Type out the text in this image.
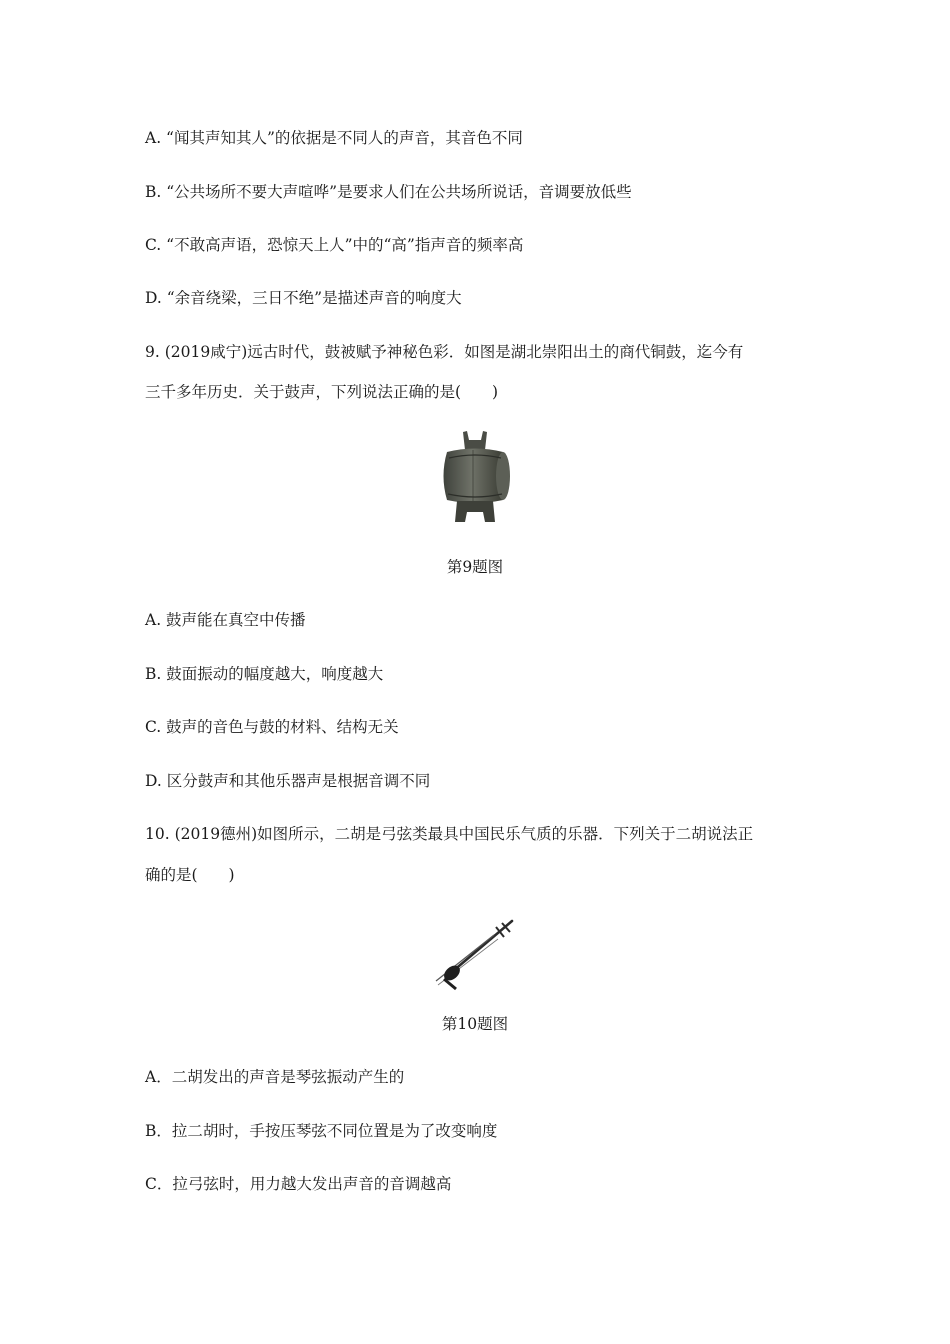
A. “闻其声知其人”的依据是不同人的声音，其音色不同
B. “公共场所不要大声喧哗”是要求人们在公共场所说话，音调要放低些
C. “不敢高声语，恐惊天上人”中的“高”指声音的频率高
D. “余音绕梁，三日不绝”是描述声音的响度大
9. (2019咸宁)远古时代，鼓被赋予神秘色彩．如图是湖北崇阳出土的商代铜鼓，迄今有
三千多年历史．关于鼓声，下列说法正确的是(　　)
第9题图
A. 鼓声能在真空中传播
B. 鼓面振动的幅度越大，响度越大
C. 鼓声的音色与鼓的材料、结构无关
D. 区分鼓声和其他乐器声是根据音调不同
10. (2019德州)如图所示，二胡是弓弦类最具中国民乐气质的乐器．下列关于二胡说法正
确的是(　　)
第10题图
A．二胡发出的声音是琴弦振动产生的
B．拉二胡时，手按压琴弦不同位置是为了改变响度
C．拉弓弦时，用力越大发出声音的音调越高
